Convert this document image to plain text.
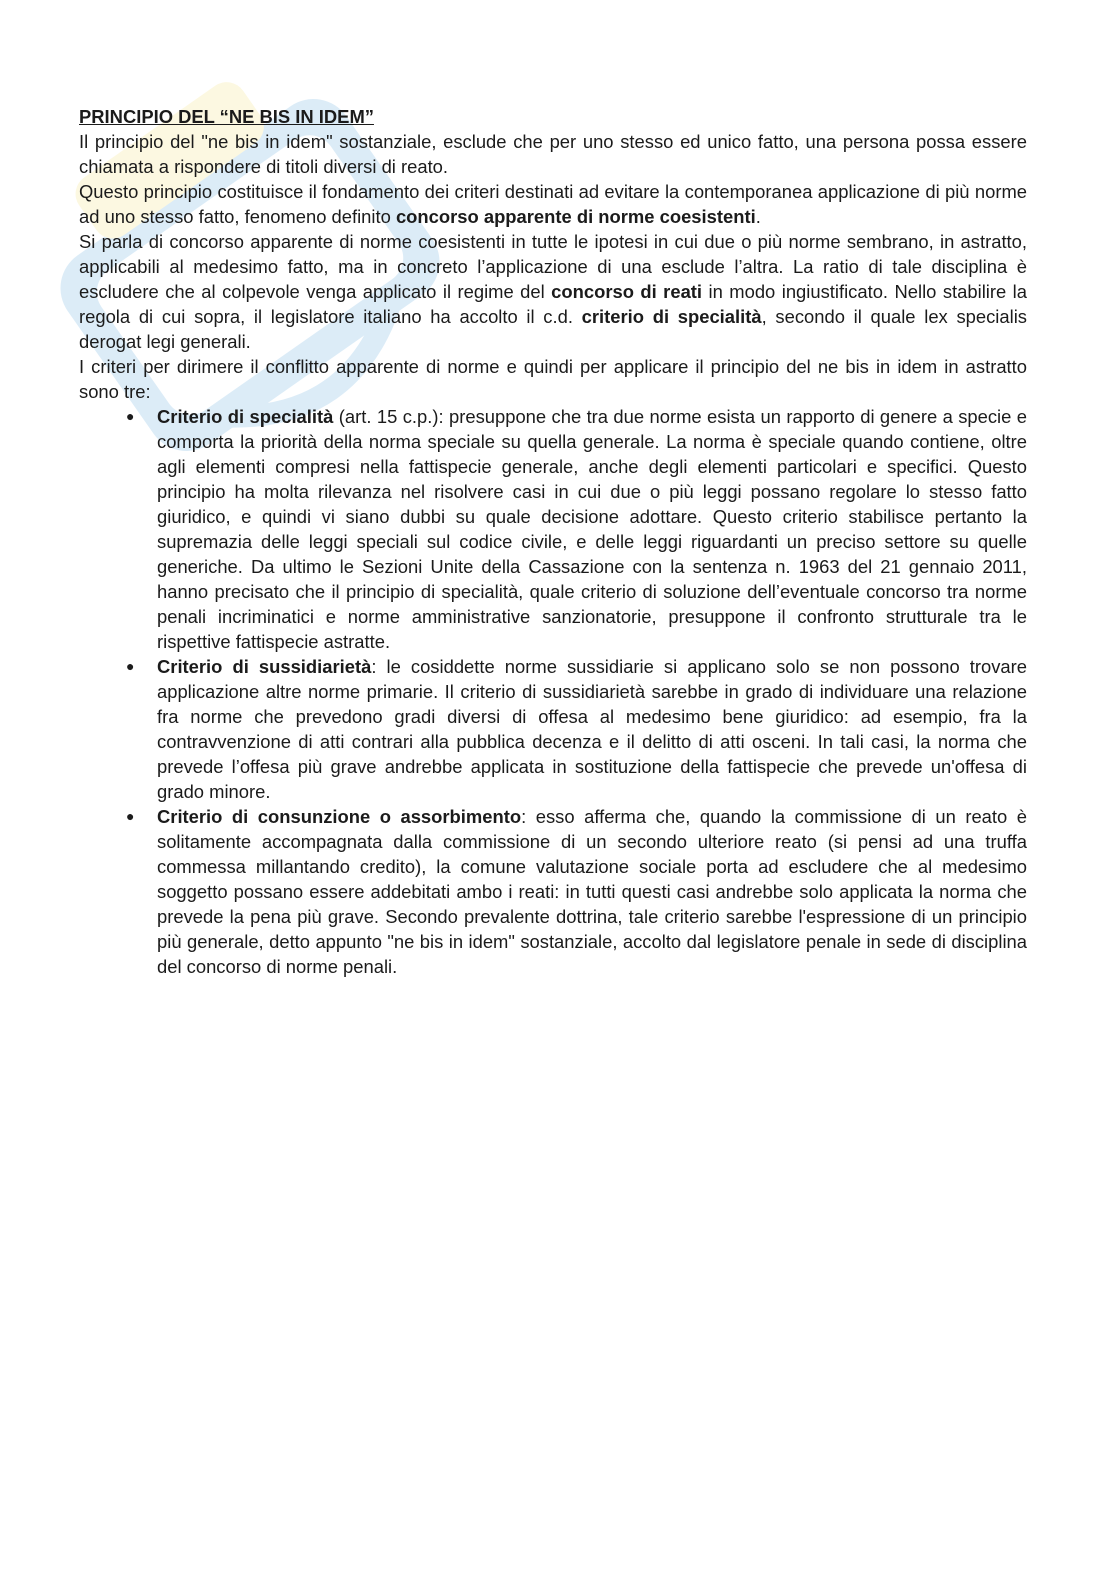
PRINCIPIO DEL “NE BIS IN IDEM”

Il principio del "ne bis in idem" sostanziale, esclude che per uno stesso ed unico fatto, una persona possa essere chiamata a rispondere di titoli diversi di reato.

Questo principio costituisce il fondamento dei criteri destinati ad evitare la contemporanea applicazione di più norme ad uno stesso fatto, fenomeno definito concorso apparente di norme coesistenti.

Si parla di concorso apparente di norme coesistenti in tutte le ipotesi in cui due o più norme sembrano, in astratto, applicabili al medesimo fatto, ma in concreto l’applicazione di una esclude l’altra. La ratio di tale disciplina è escludere che al colpevole venga applicato il regime del concorso di reati in modo ingiustificato. Nello stabilire la regola di cui sopra, il legislatore italiano ha accolto il c.d. criterio di specialità, secondo il quale lex specialis derogat legi generali.

I criteri per dirimere il conflitto apparente di norme e quindi per applicare il principio del ne bis in idem in astratto sono tre:

● Criterio di specialità (art. 15 c.p.): presuppone che tra due norme esista un rapporto di genere a specie e comporta la priorità della norma speciale su quella generale. La norma è speciale quando contiene, oltre agli elementi compresi nella fattispecie generale, anche degli elementi particolari e specifici. Questo principio ha molta rilevanza nel risolvere casi in cui due o più leggi possano regolare lo stesso fatto giuridico, e quindi vi siano dubbi su quale decisione adottare. Questo criterio stabilisce pertanto la supremazia delle leggi speciali sul codice civile, e delle leggi riguardanti un preciso settore su quelle generiche. Da ultimo le Sezioni Unite della Cassazione con la sentenza n. 1963 del 21 gennaio 2011, hanno precisato che il principio di specialità, quale criterio di soluzione dell’eventuale concorso tra norme penali incriminatici e norme amministrative sanzionatorie, presuppone il confronto strutturale tra le rispettive fattispecie astratte.
● Criterio di sussidiarietà: le cosiddette norme sussidiarie si applicano solo se non possono trovare applicazione altre norme primarie. Il criterio di sussidiarietà sarebbe in grado di individuare una relazione fra norme che prevedono gradi diversi di offesa al medesimo bene giuridico: ad esempio, fra la contravvenzione di atti contrari alla pubblica decenza e il delitto di atti osceni. In tali casi, la norma che prevede l’offesa più grave andrebbe applicata in sostituzione della fattispecie che prevede un'offesa di grado minore.
● Criterio di consunzione o assorbimento: esso afferma che, quando la commissione di un reato è solitamente accompagnata dalla commissione di un secondo ulteriore reato (si pensi ad una truffa commessa millantando credito), la comune valutazione sociale porta ad escludere che al medesimo soggetto possano essere addebitati ambo i reati: in tutti questi casi andrebbe solo applicata la norma che prevede la pena più grave. Secondo prevalente dottrina, tale criterio sarebbe l'espressione di un principio più generale, detto appunto "ne bis in idem" sostanziale, accolto dal legislatore penale in sede di disciplina del concorso di norme penali.
